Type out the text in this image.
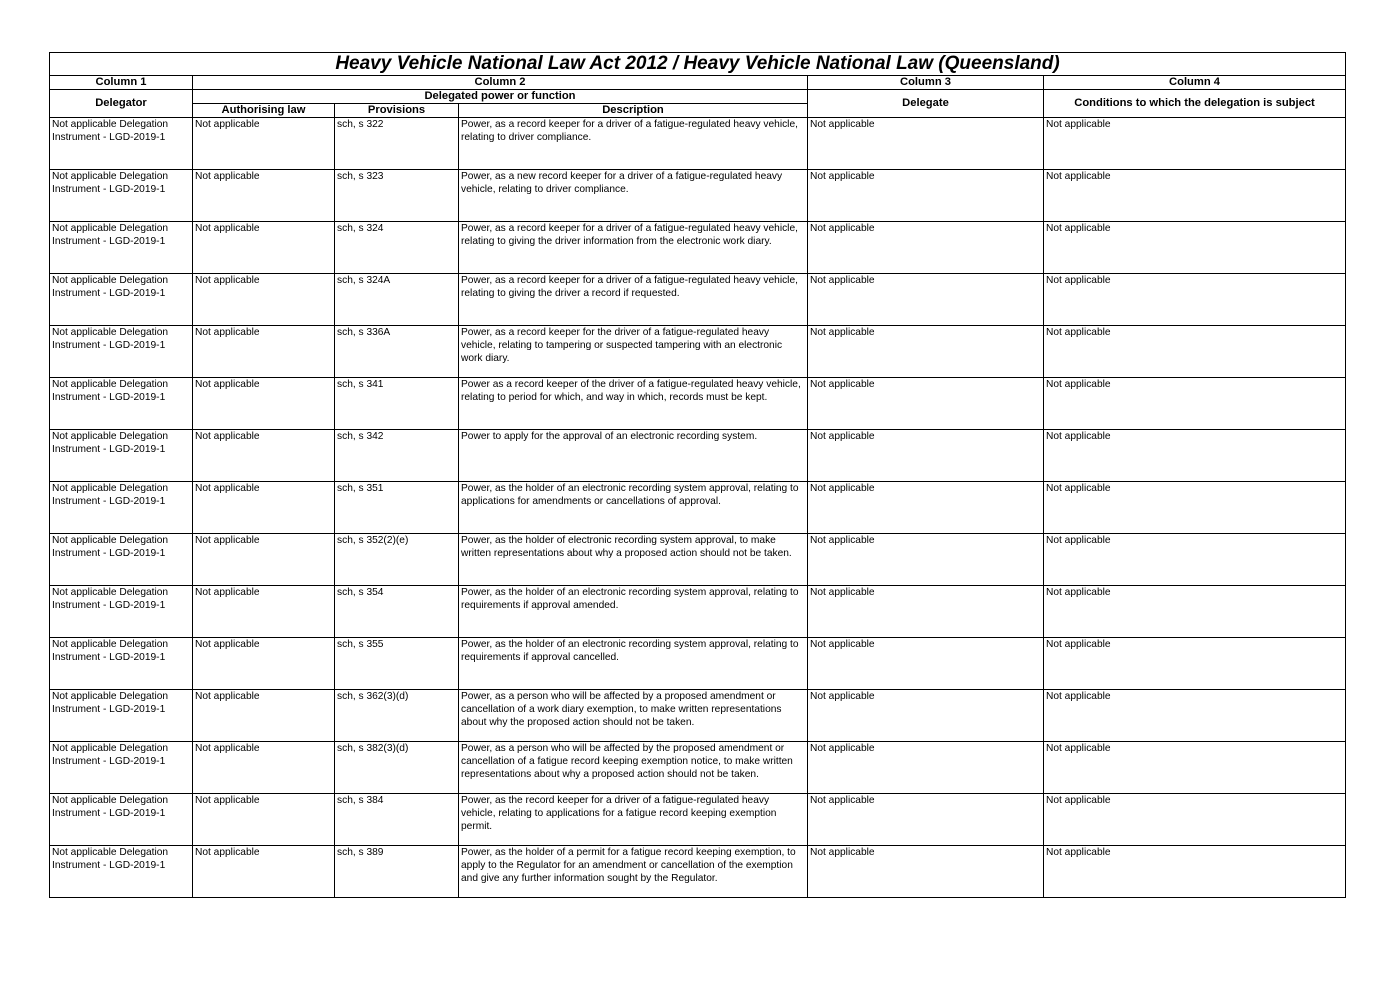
Heavy Vehicle National Law Act 2012 / Heavy Vehicle National Law (Queensland)					
Column 1	Column 2			Column 3	Column 4
Delegator	Delegated power or function			Delegate	Conditions to which the delegation is subject
	Authorising law	Provisions	Description		
Not applicable Delegation Instrument - LGD-2019-1	Not applicable	sch, s 322	Power, as a record keeper for a driver of a fatigue-regulated heavy vehicle, relating to driver compliance.	Not applicable	Not applicable
Not applicable Delegation Instrument - LGD-2019-1	Not applicable	sch, s 323	Power, as a new record keeper for a driver of a fatigue-regulated heavy vehicle, relating to driver compliance.	Not applicable	Not applicable
Not applicable Delegation Instrument - LGD-2019-1	Not applicable	sch, s 324	Power, as a record keeper for a driver of a fatigue-regulated heavy vehicle, relating to giving the driver information from the electronic work diary.	Not applicable	Not applicable
Not applicable Delegation Instrument - LGD-2019-1	Not applicable	sch, s 324A	Power, as a record keeper for a driver of a fatigue-regulated heavy vehicle, relating to giving the driver a record if requested.	Not applicable	Not applicable
Not applicable Delegation Instrument - LGD-2019-1	Not applicable	sch, s 336A	Power, as a record keeper for the driver of a fatigue-regulated heavy vehicle, relating to tampering or suspected tampering with an electronic work diary.	Not applicable	Not applicable
Not applicable Delegation Instrument - LGD-2019-1	Not applicable	sch, s 341	Power as a record keeper of the driver of a fatigue-regulated heavy vehicle, relating to period for which, and way in which, records must be kept.	Not applicable	Not applicable
Not applicable Delegation Instrument - LGD-2019-1	Not applicable	sch, s 342	Power to apply for the approval of an electronic recording system.	Not applicable	Not applicable
Not applicable Delegation Instrument - LGD-2019-1	Not applicable	sch, s 351	Power, as the holder of an electronic recording system approval, relating to applications for amendments or cancellations of approval.	Not applicable	Not applicable
Not applicable Delegation Instrument - LGD-2019-1	Not applicable	sch, s 352(2)(e)	Power, as the holder of electronic recording system approval, to make written representations about why a proposed action should not be taken.	Not applicable	Not applicable
Not applicable Delegation Instrument - LGD-2019-1	Not applicable	sch, s 354	Power, as the holder of an electronic recording system approval, relating to requirements if approval amended.	Not applicable	Not applicable
Not applicable Delegation Instrument - LGD-2019-1	Not applicable	sch, s 355	Power, as the holder of an electronic recording system approval, relating to requirements if approval cancelled.	Not applicable	Not applicable
Not applicable Delegation Instrument - LGD-2019-1	Not applicable	sch, s 362(3)(d)	Power, as a person who will be affected by a proposed amendment or cancellation of a work diary exemption, to make written representations about why the proposed action should not be taken.	Not applicable	Not applicable
Not applicable Delegation Instrument - LGD-2019-1	Not applicable	sch, s 382(3)(d)	Power, as a person who will be affected by the proposed amendment or cancellation of a fatigue record keeping exemption notice, to make written representations about why a proposed action should not be taken.	Not applicable	Not applicable
Not applicable Delegation Instrument - LGD-2019-1	Not applicable	sch, s 384	Power, as the record keeper for a driver of a fatigue-regulated heavy vehicle, relating to applications for a fatigue record keeping exemption permit.	Not applicable	Not applicable
Not applicable Delegation Instrument - LGD-2019-1	Not applicable	sch, s 389	Power, as the holder of a permit for a fatigue record keeping exemption, to apply to the Regulator for an amendment or cancellation of the exemption and give any further information sought by the Regulator.	Not applicable	Not applicable
